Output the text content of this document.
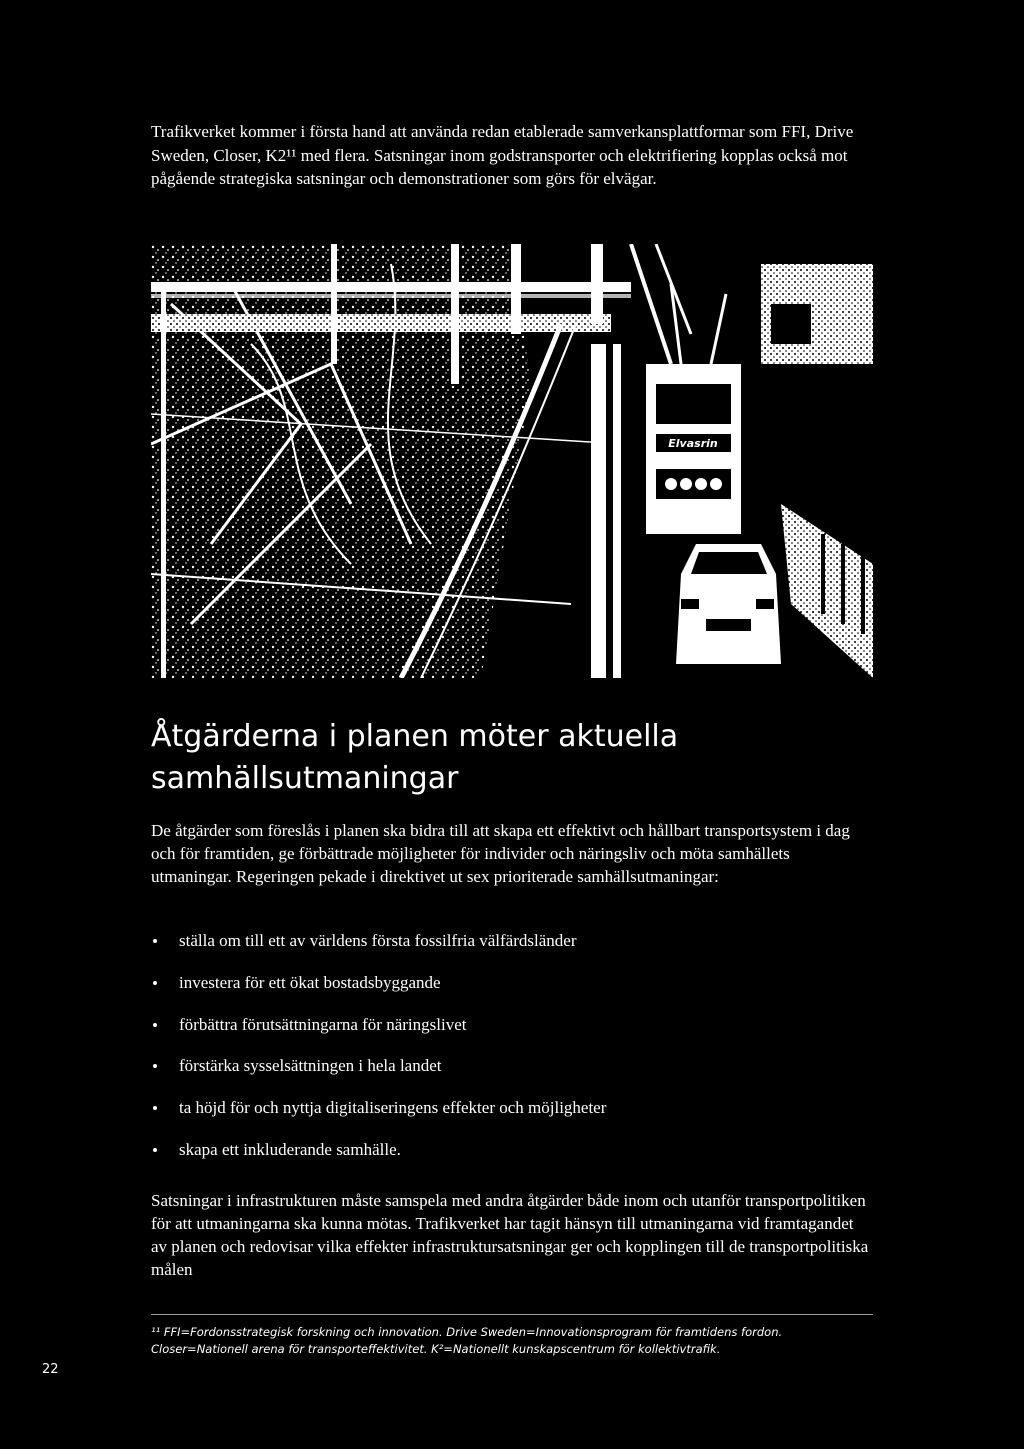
Trafikverket kommer i första hand att använda redan etablerade samverkansplattformar som FFI, Drive Sweden, Closer, K2¹¹ med flera. Satsningar inom godstransporter och elektrifiering kopplas också mot pågående strategiska satsningar och demonstrationer som görs för elvägar.

Elvasrin
Åtgärderna i planen möter aktuella samhällsutmaningar

De åtgärder som föreslås i planen ska bidra till att skapa ett effektivt och hållbart transportsystem i dag och för framtiden, ge förbättrade möjligheter för individer och näringsliv och möta samhällets utmaningar. Regeringen pekade i direktivet ut sex prioriterade samhällsutmaningar:

ställa om till ett av världens första fossilfria välfärdsländer
investera för ett ökat bostadsbyggande
förbättra förutsättningarna för näringslivet
förstärka sysselsättningen i hela landet
ta höjd för och nyttja digitaliseringens effekter och möjligheter
skapa ett inkluderande samhälle.

Satsningar i infrastrukturen måste samspela med andra åtgärder både inom och utanför transportpolitiken för att utmaningarna ska kunna mötas. Trafikverket har tagit hänsyn till utmaningarna vid framtagandet av planen och redovisar vilka effekter infrastruktursatsningar ger och kopplingen till de transportpolitiska målen

¹¹ FFI=Fordonsstrategisk forskning och innovation. Drive Sweden=Innovationsprogram för framtidens fordon. Closer=Nationell arena för transporteffektivitet. K²=Nationellt kunskapscentrum för kollektivtrafik.

22
